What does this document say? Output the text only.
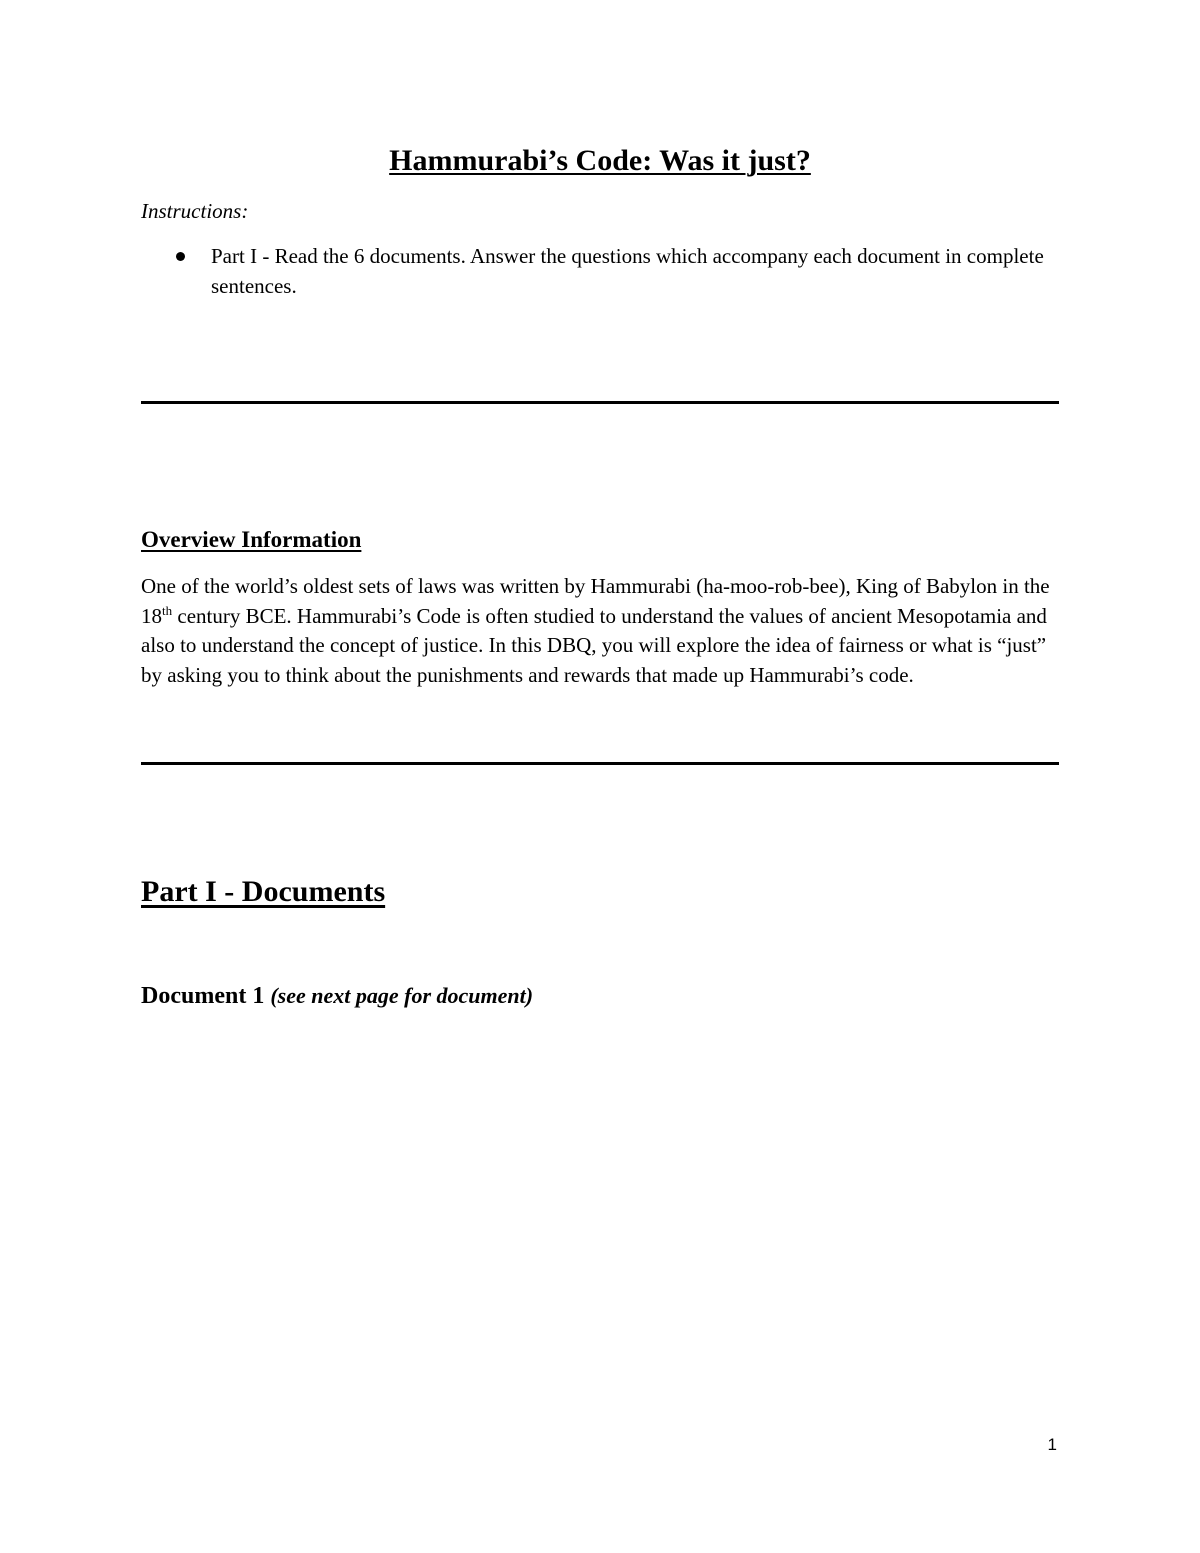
Hammurabi’s Code: Was it just?

Instructions:

Part I - Read the 6 documents. Answer the questions which accompany each document in complete sentences.
Overview Information

One of the world’s oldest sets of laws was written by Hammurabi (ha-moo-rob-bee), King of Babylon in the 18th century BCE. Hammurabi’s Code is often studied to understand the values of ancient Mesopotamia and also to understand the concept of justice. In this DBQ, you will explore the idea of fairness or what is “just” by asking you to think about the punishments and rewards that made up Hammurabi’s code.

Part I - Documents
Document 1 (see next page for document)
1
